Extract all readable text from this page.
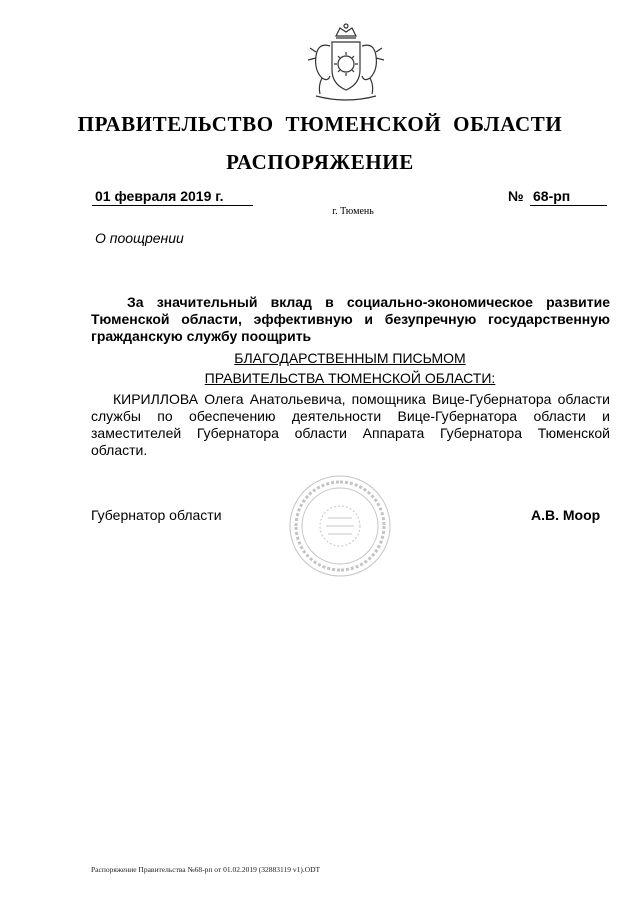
ПРАВИТЕЛЬСТВО ТЮМЕНСКОЙ ОБЛАСТИ
РАСПОРЯЖЕНИЕ
01 февраля 2019 г.	№ 68-рп
г. Тюмень
О поощрении
За значительный вклад в социально-экономическое развитие Тюменской области, эффективную и безупречную государственную гражданскую службу поощрить
БЛАГОДАРСТВЕННЫМ ПИСЬМОМ
ПРАВИТЕЛЬСТВА ТЮМЕНСКОЙ ОБЛАСТИ:
КИРИЛЛОВА Олега Анатольевича, помощника Вице-Губернатора области службы по обеспечению деятельности Вице-Губернатора области и заместителей Губернатора области Аппарата Губернатора Тюменской области.
Губернатор области	А.В. Моор
Распоряжение Правительства №68-рп от 01.02.2019 (32883119 v1).ODT
